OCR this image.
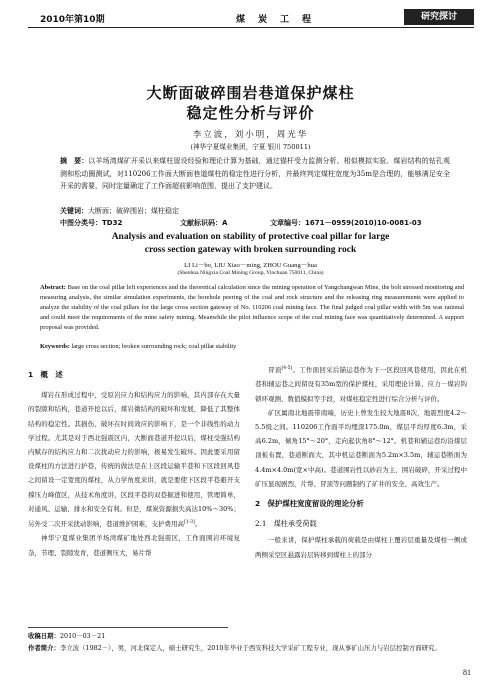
2010年第10期	煤炭工程	研究探讨
大断面破碎围岩巷道保护煤柱
稳定性分析与评价
李立波，刘小明，周光华
(神华宁夏煤业集团，宁夏 银川 750011)
摘　要：以羊场湾煤矿开采以来煤柱留设经验和理论计算为基础，通过锚杆受力监测分析、相似模拟实验、煤岩结构的钻孔观测和松动圈测试，对110206工作面大断面巷道煤柱的稳定性进行分析，并最终判定煤柱宽度为35m是合理的，能够满足安全开采的需要，同时定量确定了工作面超前影响范围，提出了支护建议。
关键词：大断面；破碎围岩；煤柱稳定
中图分类号：TD32	文献标识码：A	文章编号：1671－0959(2010)10-0081-03
Analysis and evaluation on stability of protective coal pillar for large
cross section gateway with broken surrounding rock
LI Li－bo, LIU Xiao－ming, ZHOU Guang－hua
(Shenhua Ningxia Coal Mining Group, Yinchuan 750011, China)
Abstract: Base on the coal pillar left experiences and the theoretical calculation since the mining operation of Yangchangwan Mine, the bolt stressed monitoring and measuring analysis, the similar simulation experiments, the borehole peering of the coal and rock structure and the releasing ring measurements were applied to analyze the stability of the coal pillars for the large cross section gateway of No. 110206 coal mining face. The final judged coal pillar width with 5m was rational and could meet the requirements of the mine safety mining. Meanwhile the pilot influence scope of the coal mining face was quantitatively determined. A support proposal was provided.
Keywords: large cross section; broken surrounding rock; coal pillar stability
1　概　述

煤岩在形成过程中，受原岩应力和结构应力的影响，其内部存在大量的裂隙和结构，巷道开挖以后，煤岩微结构的破坏和发展，降低了其整体结构的稳定性。其损伤、破坏在时间效应的影响下，是一个非线性的动力学过程。尤其是对于西北强震区内，大断面巷道开挖以后，煤柱受强结构内赋存的结构应力和二次扰动应力的影响，极易发生破坏。因此要采用留设煤柱的方法进行护巷，传统的做法是在上区段运输平巷和下区段回风巷之间留设一定宽度的煤柱，从力学角度来讲，就是要使下区段平巷避开支撑压力峰值区，从技术角度讲，区段平巷的双巷掘进和使用，管理简单，对通风、运输、排水和安全有利。但是，煤炭资源损失高达10%～30%；另外受二次开采扰动影响，巷道维护困难，支护费用高[1-3]。

神华宁夏煤业集团羊场湾煤矿地处西北强震区，工作面围岩环境复杂，节理、裂隙发育，巷道侧压大，易片帮

冒顶[4-5]。工作面回采后锚运巷作为下一区段回风巷使用，因此在机巷和辅运巷之间留设有35m宽的保护煤柱，采用理论计算、应力－煤岩钩锁环观测、数值模拟等手段，对煤柱稳定性进行综合分析与评价。

矿区属南北地震带南端，历史上曾发生较大地震8次，地震烈度4.2～5.5级之间。110206工作面平均埋深175.0m，煤层平均厚度6.3m，采高6.2m，倾角15°～20°，走向起伏角8°～12°。机巷和辅运巷均沿煤层顶板布置，巷道断面大，其中机运巷断面为5.2m×3.5m，辅运巷断面为4.4m×4.0m(宽×中高)。巷道围岩性以砂岩为主，围岩破碎，开采过程中矿压显现剧烈，片帮、冒顶等问题制约了矿井的安全、高效生产。

2　保护煤柱宽度留设的理论分析
2.1　煤柱承受荷载

一般来讲，保护煤柱承载的荷载是由煤柱上覆岩层重量及煤柱一侧或两侧采空区悬露岩层转移到煤柱上的部分

收稿日期：2010－03－21
作者简介：李立波（1982－），男，河北保定人，硕士研究生，2010年毕业于西安科技大学采矿工程专业，现从事矿山压力与岩层控制方面研究。
81
